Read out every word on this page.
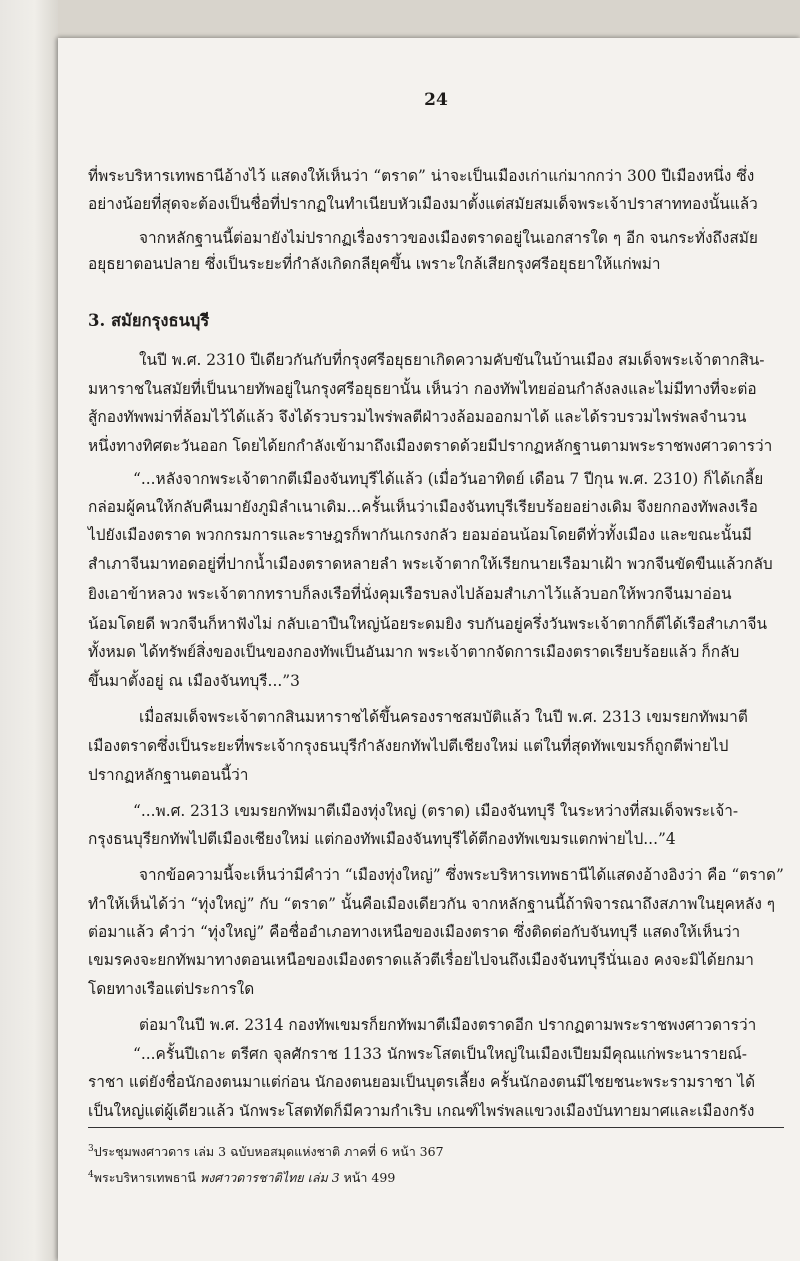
24
ที่พระบริหารเทพธานีอ้างไว้ แสดงให้เห็นว่า “ตราด” น่าจะเป็นเมืองเก่าแก่มากกว่า 300 ปีเมืองหนึ่ง ซึ่ง
อย่างน้อยที่สุดจะต้องเป็นชื่อที่ปรากฏในทำเนียบหัวเมืองมาตั้งแต่สมัยสมเด็จพระเจ้าปราสาททองนั้นแล้ว
จากหลักฐานนี้ต่อมายังไม่ปรากฏเรื่องราวของเมืองตราดอยู่ในเอกสารใด ๆ อีก จนกระทั่งถึงสมัย
อยุธยาตอนปลาย ซึ่งเป็นระยะที่กำลังเกิดกลียุคขึ้น เพราะใกล้เสียกรุงศรีอยุธยาให้แก่พม่า
3. สมัยกรุงธนบุรี
ในปี พ.ศ. 2310 ปีเดียวกันกับที่กรุงศรีอยุธยาเกิดความคับขันในบ้านเมือง สมเด็จพระเจ้าตากสิน-
มหาราชในสมัยที่เป็นนายทัพอยู่ในกรุงศรีอยุธยานั้น เห็นว่า กองทัพไทยอ่อนกำลังลงและไม่มีทางที่จะต่อ
สู้กองทัพพม่าที่ล้อมไว้ได้แล้ว จึงได้รวบรวมไพร่พลตีฝ่าวงล้อมออกมาได้ และได้รวบรวมไพร่พลจำนวน
หนึ่งทางทิศตะวันออก โดยได้ยกกำลังเข้ามาถึงเมืองตราดด้วยมีปรากฏหลักฐานตามพระราชพงศาวดารว่า
“...หลังจากพระเจ้าตากตีเมืองจันทบุรีได้แล้ว (เมื่อวันอาทิตย์ เดือน 7 ปีกุน พ.ศ. 2310) ก็ได้เกลี้ย
กล่อมผู้คนให้กลับคืนมายังภูมิลำเนาเดิม...ครั้นเห็นว่าเมืองจันทบุรีเรียบร้อยอย่างเดิม จึงยกกองทัพลงเรือ
ไปยังเมืองตราด พวกกรมการและราษฎรก็พากันเกรงกลัว ยอมอ่อนน้อมโดยดีทั่วทั้งเมือง และขณะนั้นมี
สำเภาจีนมาทอดอยู่ที่ปากน้ำเมืองตราดหลายลำ พระเจ้าตากให้เรียกนายเรือมาเฝ้า พวกจีนขัดขืนแล้วกลับ
ยิงเอาข้าหลวง พระเจ้าตากทราบก็ลงเรือที่นั่งคุมเรือรบลงไปล้อมสำเภาไว้แล้วบอกให้พวกจีนมาอ่อน
น้อมโดยดี พวกจีนก็หาฟังไม่ กลับเอาปืนใหญ่น้อยระดมยิง รบกันอยู่ครึ่งวันพระเจ้าตากก็ตีได้เรือสำเภาจีน
ทั้งหมด ได้ทรัพย์สิ่งของเป็นของกองทัพเป็นอันมาก พระเจ้าตากจัดการเมืองตราดเรียบร้อยแล้ว ก็กลับ
ขึ้นมาตั้งอยู่ ณ เมืองจันทบุรี...”3
เมื่อสมเด็จพระเจ้าตากสินมหาราชได้ขึ้นครองราชสมบัติแล้ว ในปี พ.ศ. 2313 เขมรยกทัพมาตี
เมืองตราดซึ่งเป็นระยะที่พระเจ้ากรุงธนบุรีกำลังยกทัพไปตีเชียงใหม่ แต่ในที่สุดทัพเขมรก็ถูกตีพ่ายไป
ปรากฏหลักฐานตอนนี้ว่า
“...พ.ศ. 2313 เขมรยกทัพมาตีเมืองทุ่งใหญ่ (ตราด) เมืองจันทบุรี ในระหว่างที่สมเด็จพระเจ้า-
กรุงธนบุรียกทัพไปตีเมืองเชียงใหม่ แต่กองทัพเมืองจันทบุรีได้ตีกองทัพเขมรแตกพ่ายไป...”4
จากข้อความนี้จะเห็นว่ามีคำว่า “เมืองทุ่งใหญ่” ซึ่งพระบริหารเทพธานีได้แสดงอ้างอิงว่า คือ “ตราด”
ทำให้เห็นได้ว่า “ทุ่งใหญ่” กับ “ตราด” นั้นคือเมืองเดียวกัน จากหลักฐานนี้ถ้าพิจารณาถึงสภาพในยุคหลัง ๆ
ต่อมาแล้ว คำว่า “ทุ่งใหญ่” คือชื่ออำเภอทางเหนือของเมืองตราด ซึ่งติดต่อกับจันทบุรี แสดงให้เห็นว่า
เขมรคงจะยกทัพมาทางตอนเหนือของเมืองตราดแล้วตีเรื่อยไปจนถึงเมืองจันทบุรีนั่นเอง คงจะมิได้ยกมา
โดยทางเรือแต่ประการใด
ต่อมาในปี พ.ศ. 2314 กองทัพเขมรก็ยกทัพมาตีเมืองตราดอีก ปรากฏตามพระราชพงศาวดารว่า
“...ครั้นปีเถาะ ตรีศก จุลศักราช 1133 นักพระโสตเป็นใหญ่ในเมืองเปียมมีคุณแก่พระนารายณ์-
ราชา แต่ยังชื่อนักองตนมาแต่ก่อน นักองตนยอมเป็นบุตรเลี้ยง ครั้นนักองตนมีไชยชนะพระรามราชา ได้
เป็นใหญ่แต่ผู้เดียวแล้ว นักพระโสตทัตก็มีความกำเริบ เกณฑ์ไพร่พลแขวงเมืองบันทายมาศและเมืองกรัง
$^3$ประชุมพงศาวดาร เล่ม 3 ฉบับหอสมุดแห่งชาติ ภาคที่ 6 หน้า 367
$^4$พระบริหารเทพธานี พงศาวดารชาติไทย เล่ม 3 หน้า 499
